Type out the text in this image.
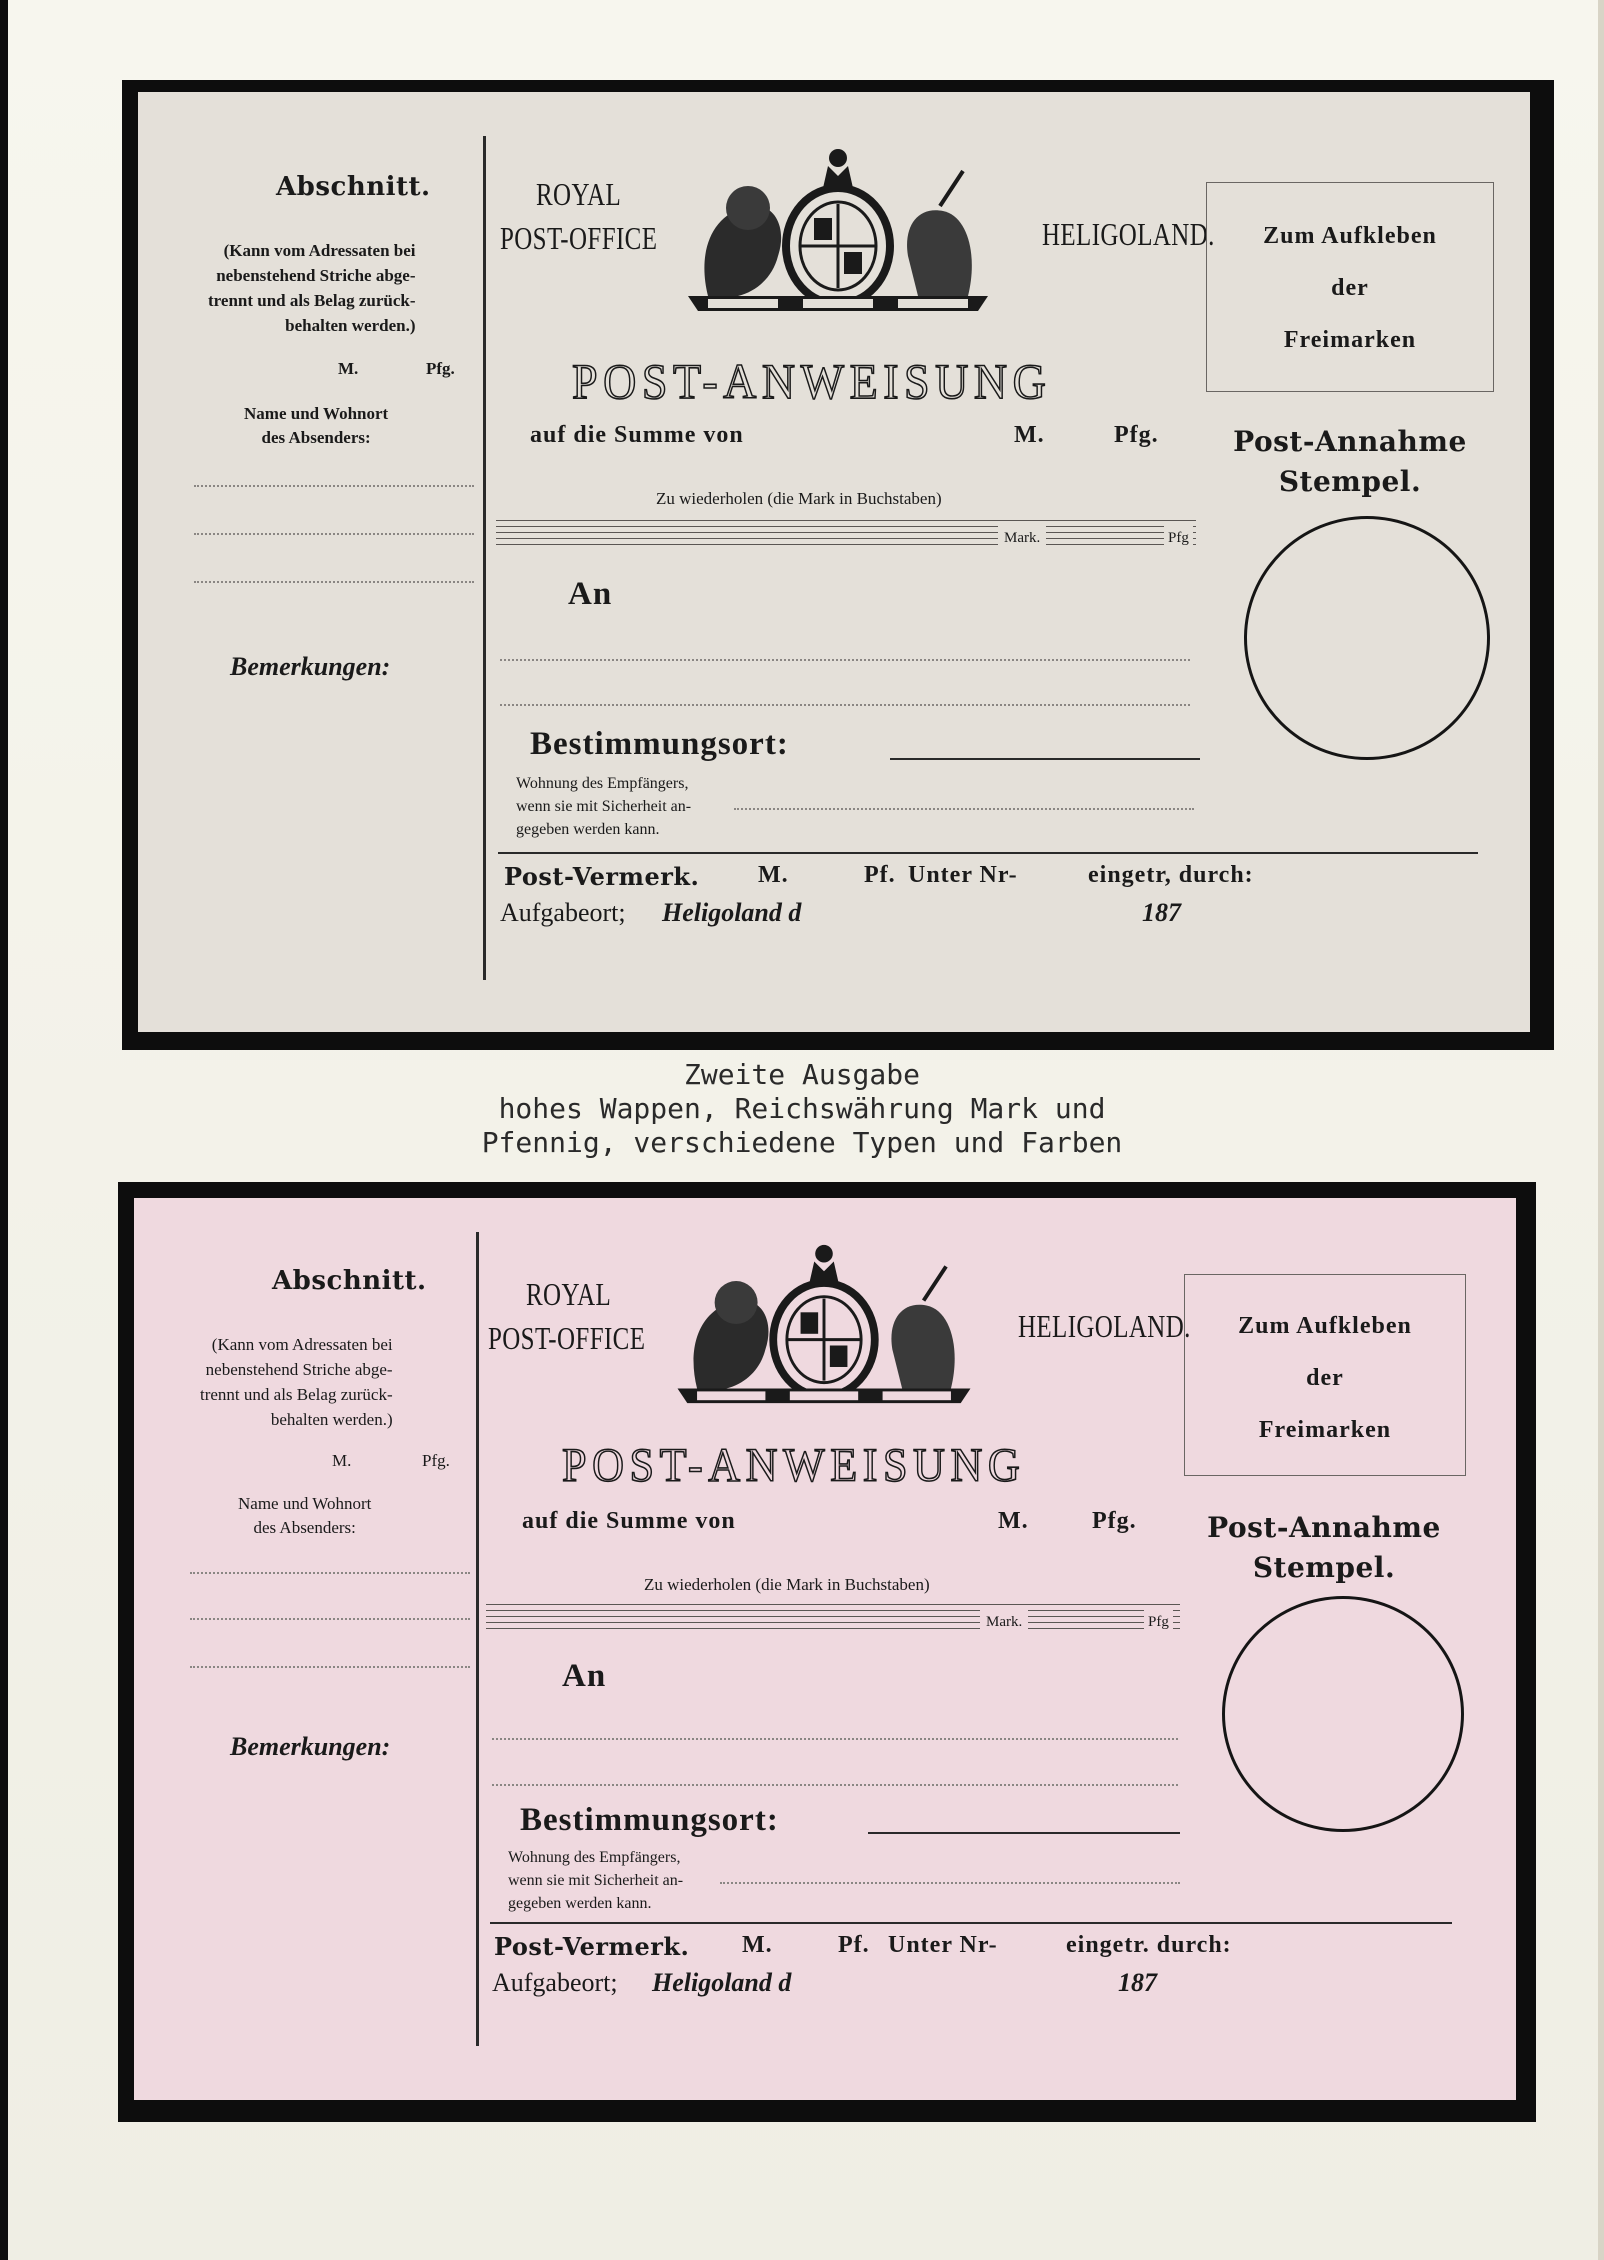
Abschnitt.
(Kann vom Adressaten bei
nebenstehend Striche abge-
trennt und als Belag zurück-
behalten werden.)
M.	Pfg.
Name und Wohnort
des Absenders:
Bemerkungen:
ROYAL
POST-OFFICE	HELIGOLAND.	Zum Aufkleben
der
Freimarken
POST-ANWEISUNG
auf die Summe von	M.	Pfg.	Post-Annahme
Stempel.
Zu wiederholen (die Mark in Buchstaben)
Mark.	Pfg
An
Bestimmungsort:
Wohnung des Empfängers,
wenn sie mit Sicherheit an-
gegeben werden kann.
Post-Vermerk. M.	Pf. Unter Nr-	eingetr, durch:
Aufgabeort; Heligoland d	187
Zweite Ausgabe
hohes Wappen, Reichswährung Mark und
Pfennig, verschiedene Typen und Farben
Abschnitt.
(Kann vom Adressaten bei
nebenstehend Striche abge-
trennt und als Belag zurück-
behalten werden.)
M.	Pfg.
Name und Wohnort
des Absenders:
Bemerkungen:
ROYAL
POST-OFFICE	HELIGOLAND.	Zum Aufkleben
der
Freimarken
POST-ANWEISUNG
auf die Summe von	M.	Pfg.	Post-Annahme
Stempel.
Zu wiederholen (die Mark in Buchstaben)
Mark.	Pfg
An
Bestimmungsort:
Wohnung des Empfängers,
wenn sie mit Sicherheit an-
gegeben werden kann.
Post-Vermerk. M.	Pf. Unter Nr-	eingetr. durch:
Aufgabeort; Heligoland d	187
